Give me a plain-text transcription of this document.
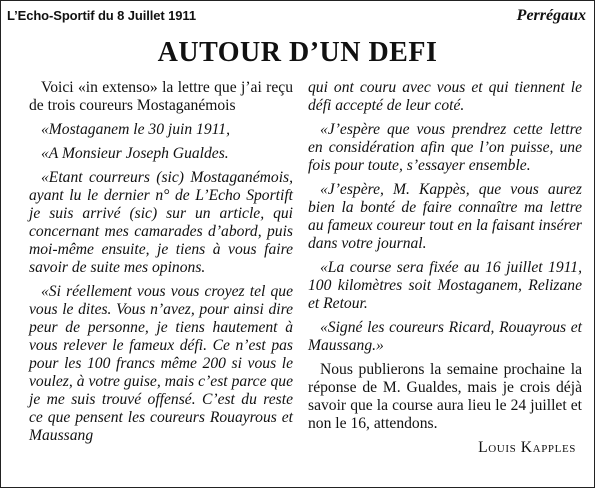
L’Echo-Sportif du 8 Juillet 1911	Perrégaux
AUTOUR D’UN DEFI

Voici «in extenso» la lettre que j’ai reçu de trois coureurs Mostaganémois

«Mostaganem le 30 juin 1911,

«A Monsieur Joseph Gualdes.

«Etant courreurs (sic) Mostaganémois, ayant lu le dernier n° de L’Echo Sportift je suis arrivé (sic) sur un article, qui concernant mes camarades d’abord, puis moi-même ensuite, je tiens à vous faire savoir de suite mes opinons.

«Si réellement vous vous croyez tel que vous le dites. Vous n’avez, pour ainsi dire peur de personne, je tiens hautement à vous relever le fameux défi. Ce n’est pas pour les 100 francs même 200 si vous le voulez, à votre guise, mais c’est parce que je me suis trouvé offensé. C’est du reste ce que pensent les coureurs Rouayrous et Maussang

qui ont couru avec vous et qui tiennent le défi accepté de leur coté.

«J’espère que vous prendrez cette lettre en considération afin que l’on puisse, une fois pour toute, s’essayer ensemble.

«J’espère, M. Kappès, que vous aurez bien la bonté de faire connaître ma lettre au fameux coureur tout en la faisant insérer dans votre journal.

«La course sera fixée au 16 juillet 1911, 100 kilomètres soit Mostaganem, Relizane et Retour.

«Signé les coureurs Ricard, Rouayrous et Maussang.»

Nous publierons la semaine prochaine la réponse de M. Gualdes, mais je crois déjà savoir que la course aura lieu le 24 juillet et non le 16, attendons.

Louis Kapples
